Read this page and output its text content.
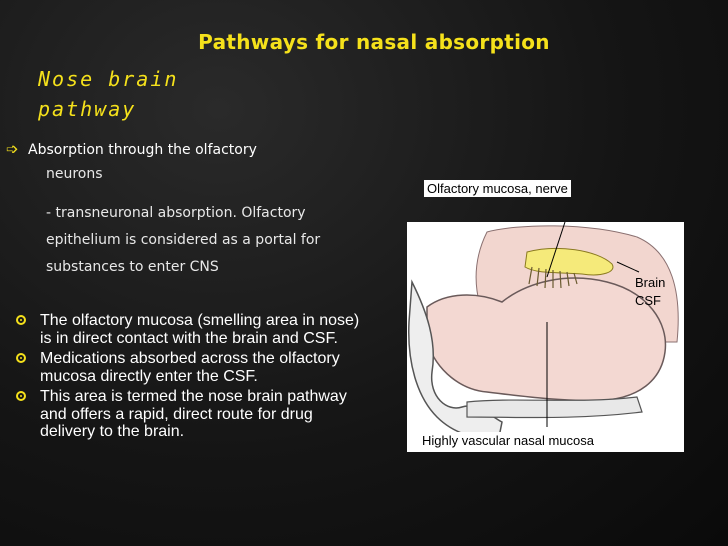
Pathways for nasal absorption
Nose brain
pathway
➩ Absorption through the olfactory
neurons
- transneuronal absorption. Olfactory
epithelium is considered as a portal for
substances to enter CNS
The olfactory mucosa (smelling area in nose) is in direct contact with the brain and CSF.
Medications absorbed across the olfactory mucosa directly enter the CSF.
This area is termed the nose brain pathway and offers a rapid, direct route for drug delivery to the brain.
Olfactory mucosa, nerve
Brain
CSF
Highly vascular nasal mucosa
